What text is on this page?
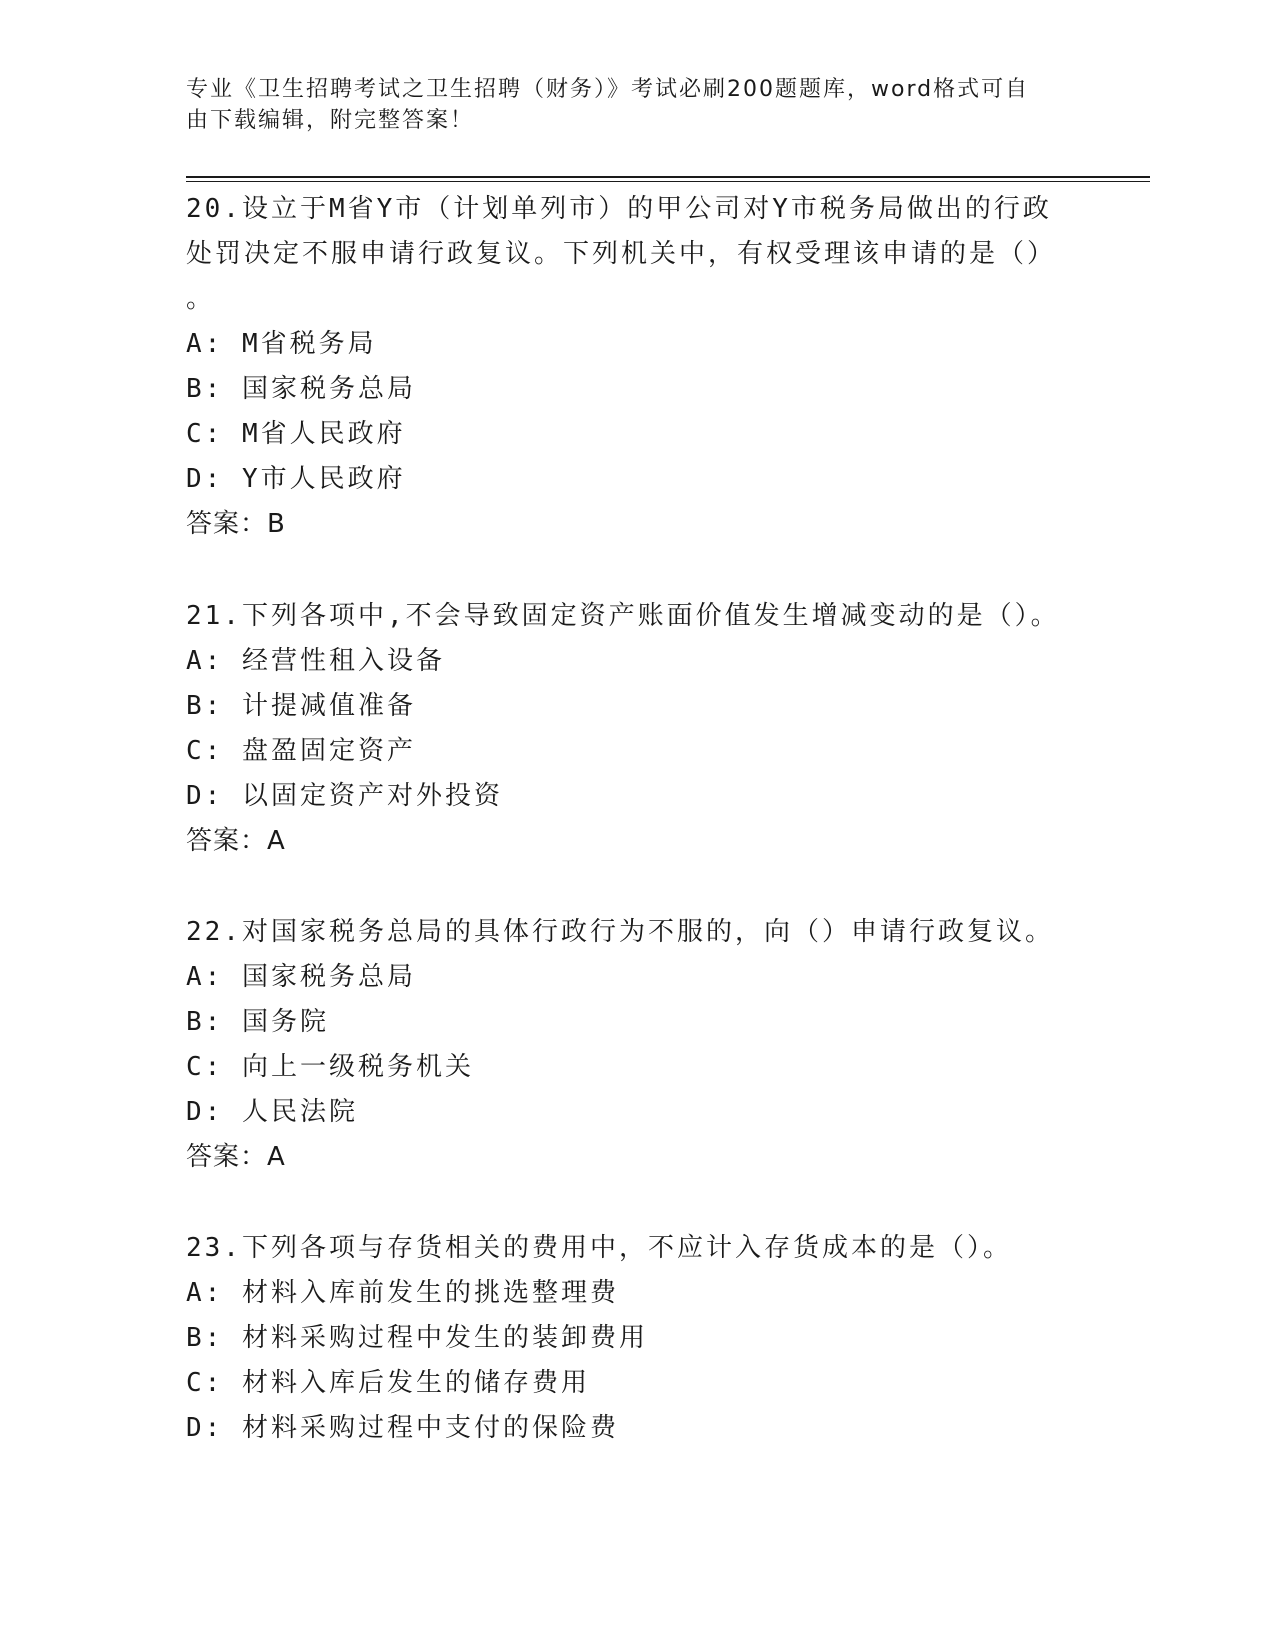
专业《卫生招聘考试之卫生招聘（财务）》考试必刷200题题库，word格式可自
由下载编辑，附完整答案！
20.设立于M省Y市（计划单列市）的甲公司对Y市税务局做出的行政
处罚决定不服申请行政复议。下列机关中，有权受理该申请的是（）
。
A: M省税务局
B: 国家税务总局
C: M省人民政府
D: Y市人民政府
答案：B
21.下列各项中,不会导致固定资产账面价值发生增减变动的是（）。
A: 经营性租入设备
B: 计提减值准备
C: 盘盈固定资产
D: 以固定资产对外投资
答案：A
22.对国家税务总局的具体行政行为不服的，向（）申请行政复议。
A: 国家税务总局
B: 国务院
C: 向上一级税务机关
D: 人民法院
答案：A
23.下列各项与存货相关的费用中，不应计入存货成本的是（）。
A: 材料入库前发生的挑选整理费
B: 材料采购过程中发生的装卸费用
C: 材料入库后发生的储存费用
D: 材料采购过程中支付的保险费
